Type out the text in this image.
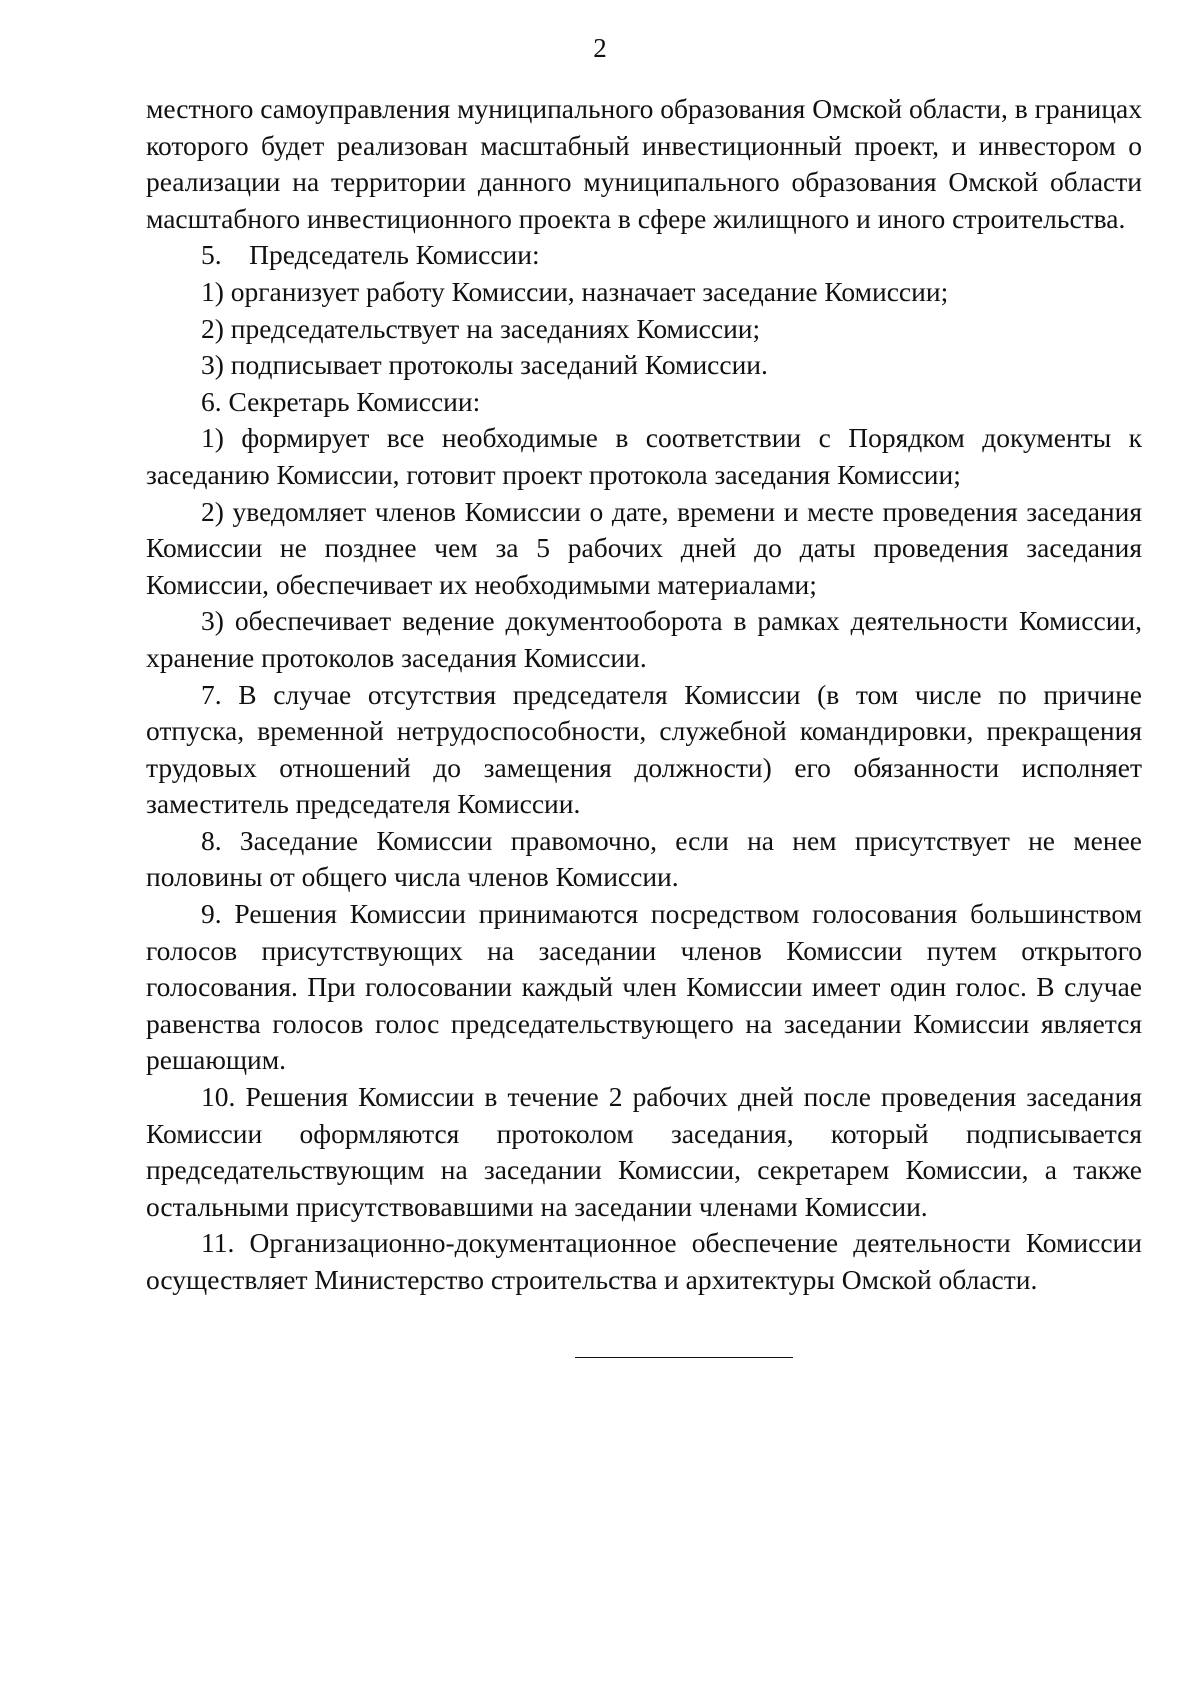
2

местного самоуправления муниципального образования Омской области, в границах которого будет реализован масштабный инвестиционный проект, и инвестором о реализации на территории данного муниципального образования Омской области масштабного инвестиционного проекта в сфере жилищного и иного строительства.

5.    Председатель Комиссии:

1) организует работу Комиссии, назначает заседание Комиссии;

2) председательствует на заседаниях Комиссии;

3) подписывает протоколы заседаний Комиссии.

6. Секретарь Комиссии:

1) формирует все необходимые в соответствии с Порядком документы к заседанию Комиссии, готовит проект протокола заседания Комиссии;

2) уведомляет членов Комиссии о дате, времени и месте проведения заседания Комиссии не позднее чем за 5 рабочих дней до даты проведения заседания Комиссии, обеспечивает их необходимыми материалами;

3) обеспечивает ведение документооборота в рамках деятельности Комиссии, хранение протоколов заседания Комиссии.

7. В случае отсутствия председателя Комиссии (в том числе по причине отпуска, временной нетрудоспособности, служебной командировки, прекращения трудовых отношений до замещения должности) его обязанности исполняет заместитель председателя Комиссии.

8. Заседание Комиссии правомочно, если на нем присутствует не менее половины от общего числа членов Комиссии.

9. Решения Комиссии принимаются посредством голосования большинством голосов присутствующих на заседании членов Комиссии путем открытого голосования. При голосовании каждый член Комиссии имеет один голос. В случае равенства голосов голос председательствующего на заседании Комиссии является решающим.

10. Решения Комиссии в течение 2 рабочих дней после проведения заседания Комиссии оформляются протоколом заседания, который подписывается председательствующим на заседании Комиссии, секретарем Комиссии, а также остальными присутствовавшими на заседании членами Комиссии.

11. Организационно-документационное обеспечение деятельности Комиссии осуществляет Министерство строительства и архитектуры Омской области.
